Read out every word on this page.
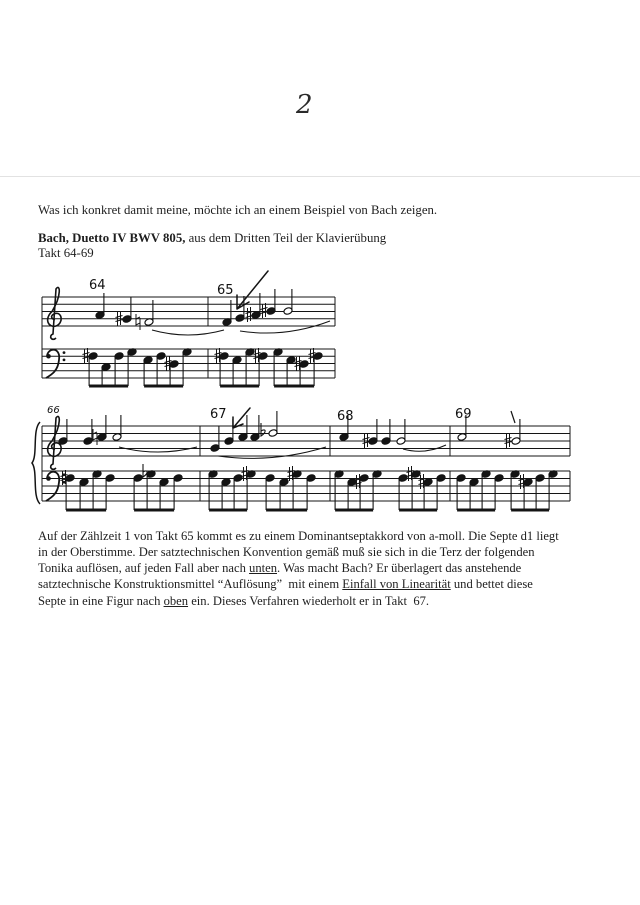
2
Was ich konkret damit meine, möchte ich an einem Beispiel von Bach zeigen.
Bach, Duetto IV BWV 805, aus dem Dritten Teil der Klavierübung
Takt 64-69
64	65
66	67	68	69
Auf der Zählzeit 1 von Takt 65 kommt es zu einem Dominantseptakkord von a-moll. Die Septe d1 liegt
in der Oberstimme. Der satztechnischen Konvention gemäß muß sie sich in die Terz der folgenden
Tonika auflösen, auf jeden Fall aber nach unten. Was macht Bach? Er überlagert das anstehende
satztechnische Konstruktionsmittel “Auflösung”  mit einem Einfall von Linearität und bettet diese
Septe in eine Figur nach oben ein. Dieses Verfahren wiederholt er in Takt  67.
